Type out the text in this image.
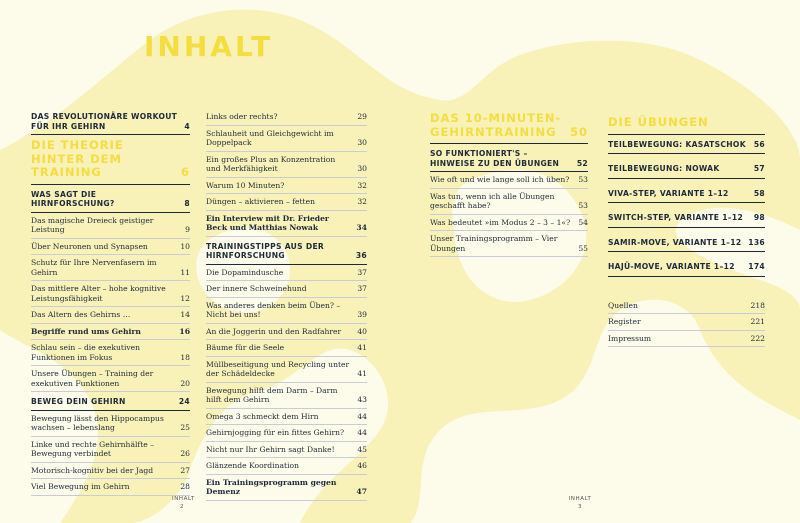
INHALT
DAS REVOLUTIONÄRE WORKOUT FÜR IHR GEHIRN	4
DIE THEORIE HINTER DEM TRAINING	6
WAS SAGT DIE HIRNFORSCHUNG?	8
Das magische Dreieck geistiger Leistung	9
Über Neuronen und Synapsen	10
Schutz für Ihre Nervenfasern im Gehirn	11
Das mittlere Alter – hohe kognitive Leistungsfähigkeit	12
Das Altern des Gehirns …	14
Begriffe rund ums Gehirn	16
Schlau sein – die exekutiven Funktionen im Fokus	18
Unsere Übungen – Training der exekutiven Funktionen	20
BEWEG DEIN GEHIRN	24
Bewegung lässt den Hippocampus wachsen – lebenslang	25
Linke und rechte Gehirnhälfte – Bewegung verbindet	26
Motorisch-kognitiv bei der Jagd	27
Viel Bewegung im Gehirn	28
Links oder rechts?	29
Schlauheit und Gleichgewicht im Doppelpack	30
Ein großes Plus an Konzentration und Merkfähigkeit	30
Warum 10 Minuten?	32
Düngen – aktivieren – fetten	32
Ein Interview mit Dr. Frieder Beck und Matthias Nowak	34
TRAININGSTIPPS AUS DER HIRNFORSCHUNG	36
Die Dopamindusche	37
Der innere Schweinehund	37
Was anderes denken beim Üben? – Nicht bei uns!	39
An die Joggerin und den Radfahrer	40
Bäume für die Seele	41
Müllbeseitigung und Recycling unter der Schädeldecke	41
Bewegung hilft dem Darm – Darm hilft dem Gehirn	43
Omega 3 schmeckt dem Hirn	44
Gehirnjogging für ein fittes Gehirn?	44
Nicht nur Ihr Gehirn sagt Danke!	45
Glänzende Koordination	46
Ein Trainingsprogramm gegen Demenz	47
DAS 10-MINUTEN-GEHIRNTRAINING	50
SO FUNKTIONIERT'S – HINWEISE ZU DEN ÜBUNGEN	52
Wie oft und wie lange soll ich üben?	53
Was tun, wenn ich alle Übungen geschafft habe?	53
Was bedeutet »im Modus 2 – 3 – 1«?	54
Unser Trainingsprogramm – Vier Übungen	55
DIE ÜBUNGEN
TEILBEWEGUNG: KASATSCHOK	56
TEILBEWEGUNG: NOWAK	57
VIVA-STEP, VARIANTE 1–12	58
SWITCH-STEP, VARIANTE 1–12	98
SAMIR-MOVE, VARIANTE 1–12 136
HAJÜ-MOVE, VARIANTE 1–12	174
Quellen	218
Register	221
Impressum	222
INHALT
2
INHALT
3
